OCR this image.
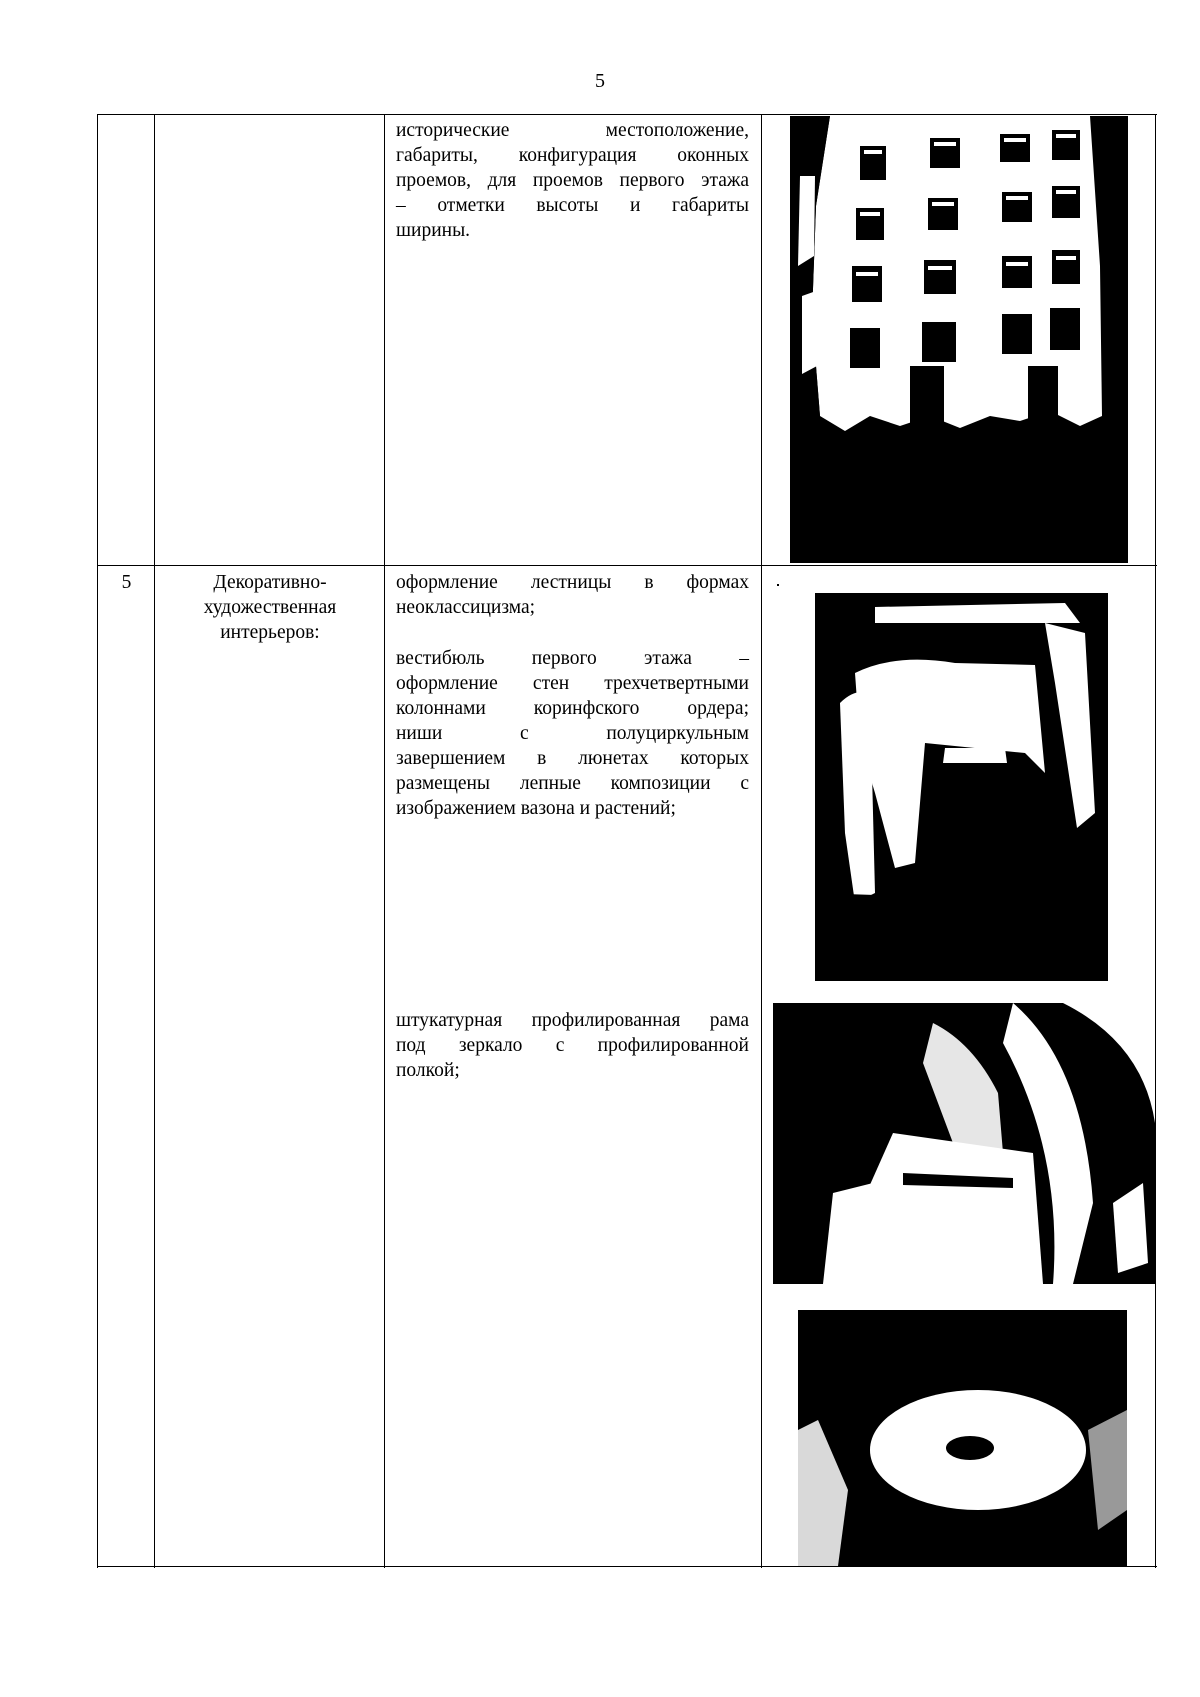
5
исторические местоположение,
габариты, конфигурация оконных
проемов, для проемов первого этажа
– отметки высоты и габариты
ширины.
5	Декоративно-
художественная
интерьеров:
оформление лестницы в формах
неоклассицизма;
вестибюль первого этажа –
оформление стен трехчетвертными
колоннами коринфского ордера;
ниши с полуциркульным
завершением в люнетах которых
размещены лепные композиции с
изображением вазона и растений;
штукатурная профилированная рама
под зеркало с профилированной
полкой;
